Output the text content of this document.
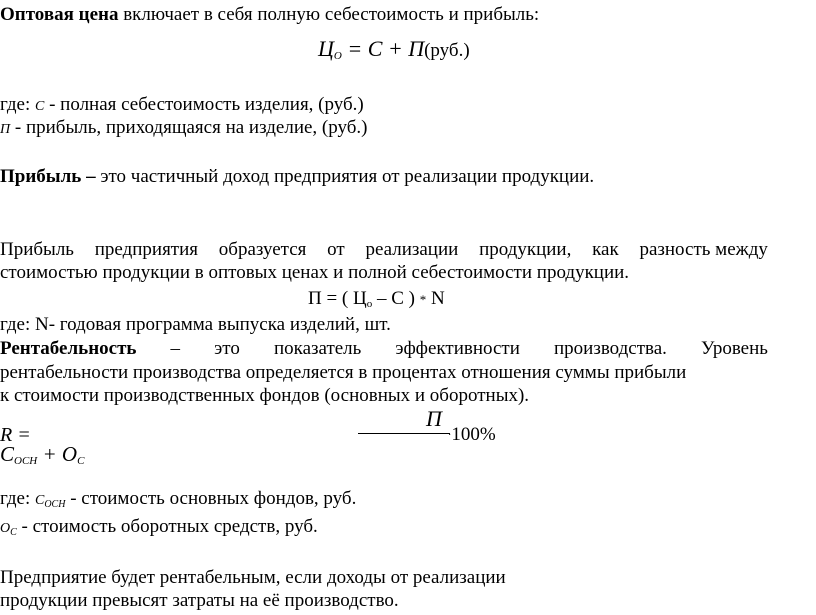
Оптовая цена включает в себя полную себестоимость и прибыль:
$Ц_О = С + П(руб.)$
где: С - полная себестоимость изделия, (руб.)
П - прибыль, приходящаяся на изделие, (руб.)
Прибыль – это частичный доход предприятия от реализации продукции.
Прибыль предприятия образуется от реализации продукции, как разность между
стоимостью продукции в оптовых ценах и полной себестоимости продукции.
П = ( $Ц_о$ – С ) * N
где: N- годовая программа выпуска изделий, шт.
Рентабельность – это показатель эффективности производства. Уровень
рентабельности производства определяется в процентах отношения суммы прибыли
к стоимости производственных фондов (основных и оборотных).
R =
П
·100%
$С_{ОСН} + О_С$
где: $С_{ОСН}$ - стоимость основных фондов, руб.
$О_С$ - стоимость оборотных средств, руб.
Предприятие будет рентабельным, если доходы от реализации
продукции превысят затраты на её производство.
